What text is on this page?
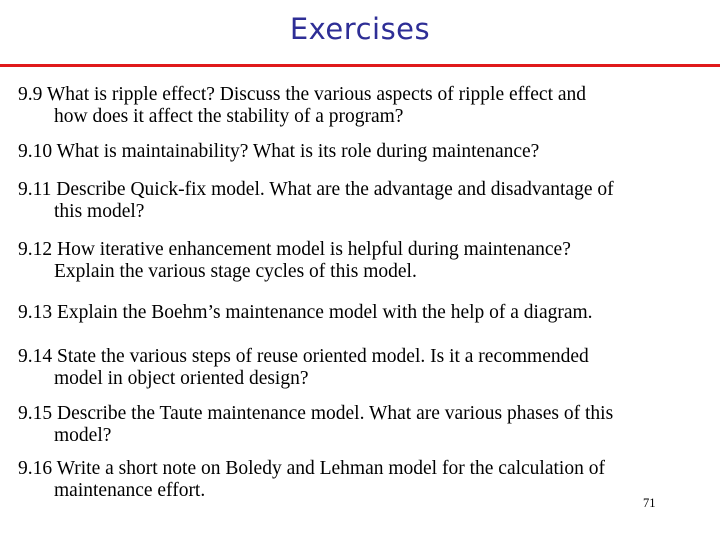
Exercises
9.9 What is ripple effect? Discuss the various aspects of ripple effect and
how does it affect the stability of a program?
9.10 What is maintainability? What is its role during maintenance?
9.11 Describe Quick-fix model. What are the advantage and disadvantage of
this model?
9.12 How iterative enhancement model is helpful during maintenance?
Explain the various stage cycles of this model.
9.13 Explain the Boehm’s maintenance model with the help of a diagram.
9.14 State the various steps of reuse oriented model. Is it a recommended
model in object oriented design?
9.15 Describe the Taute maintenance model. What are various phases of this
model?
9.16 Write a short note on Boledy and Lehman model for the calculation of
maintenance effort.
71
